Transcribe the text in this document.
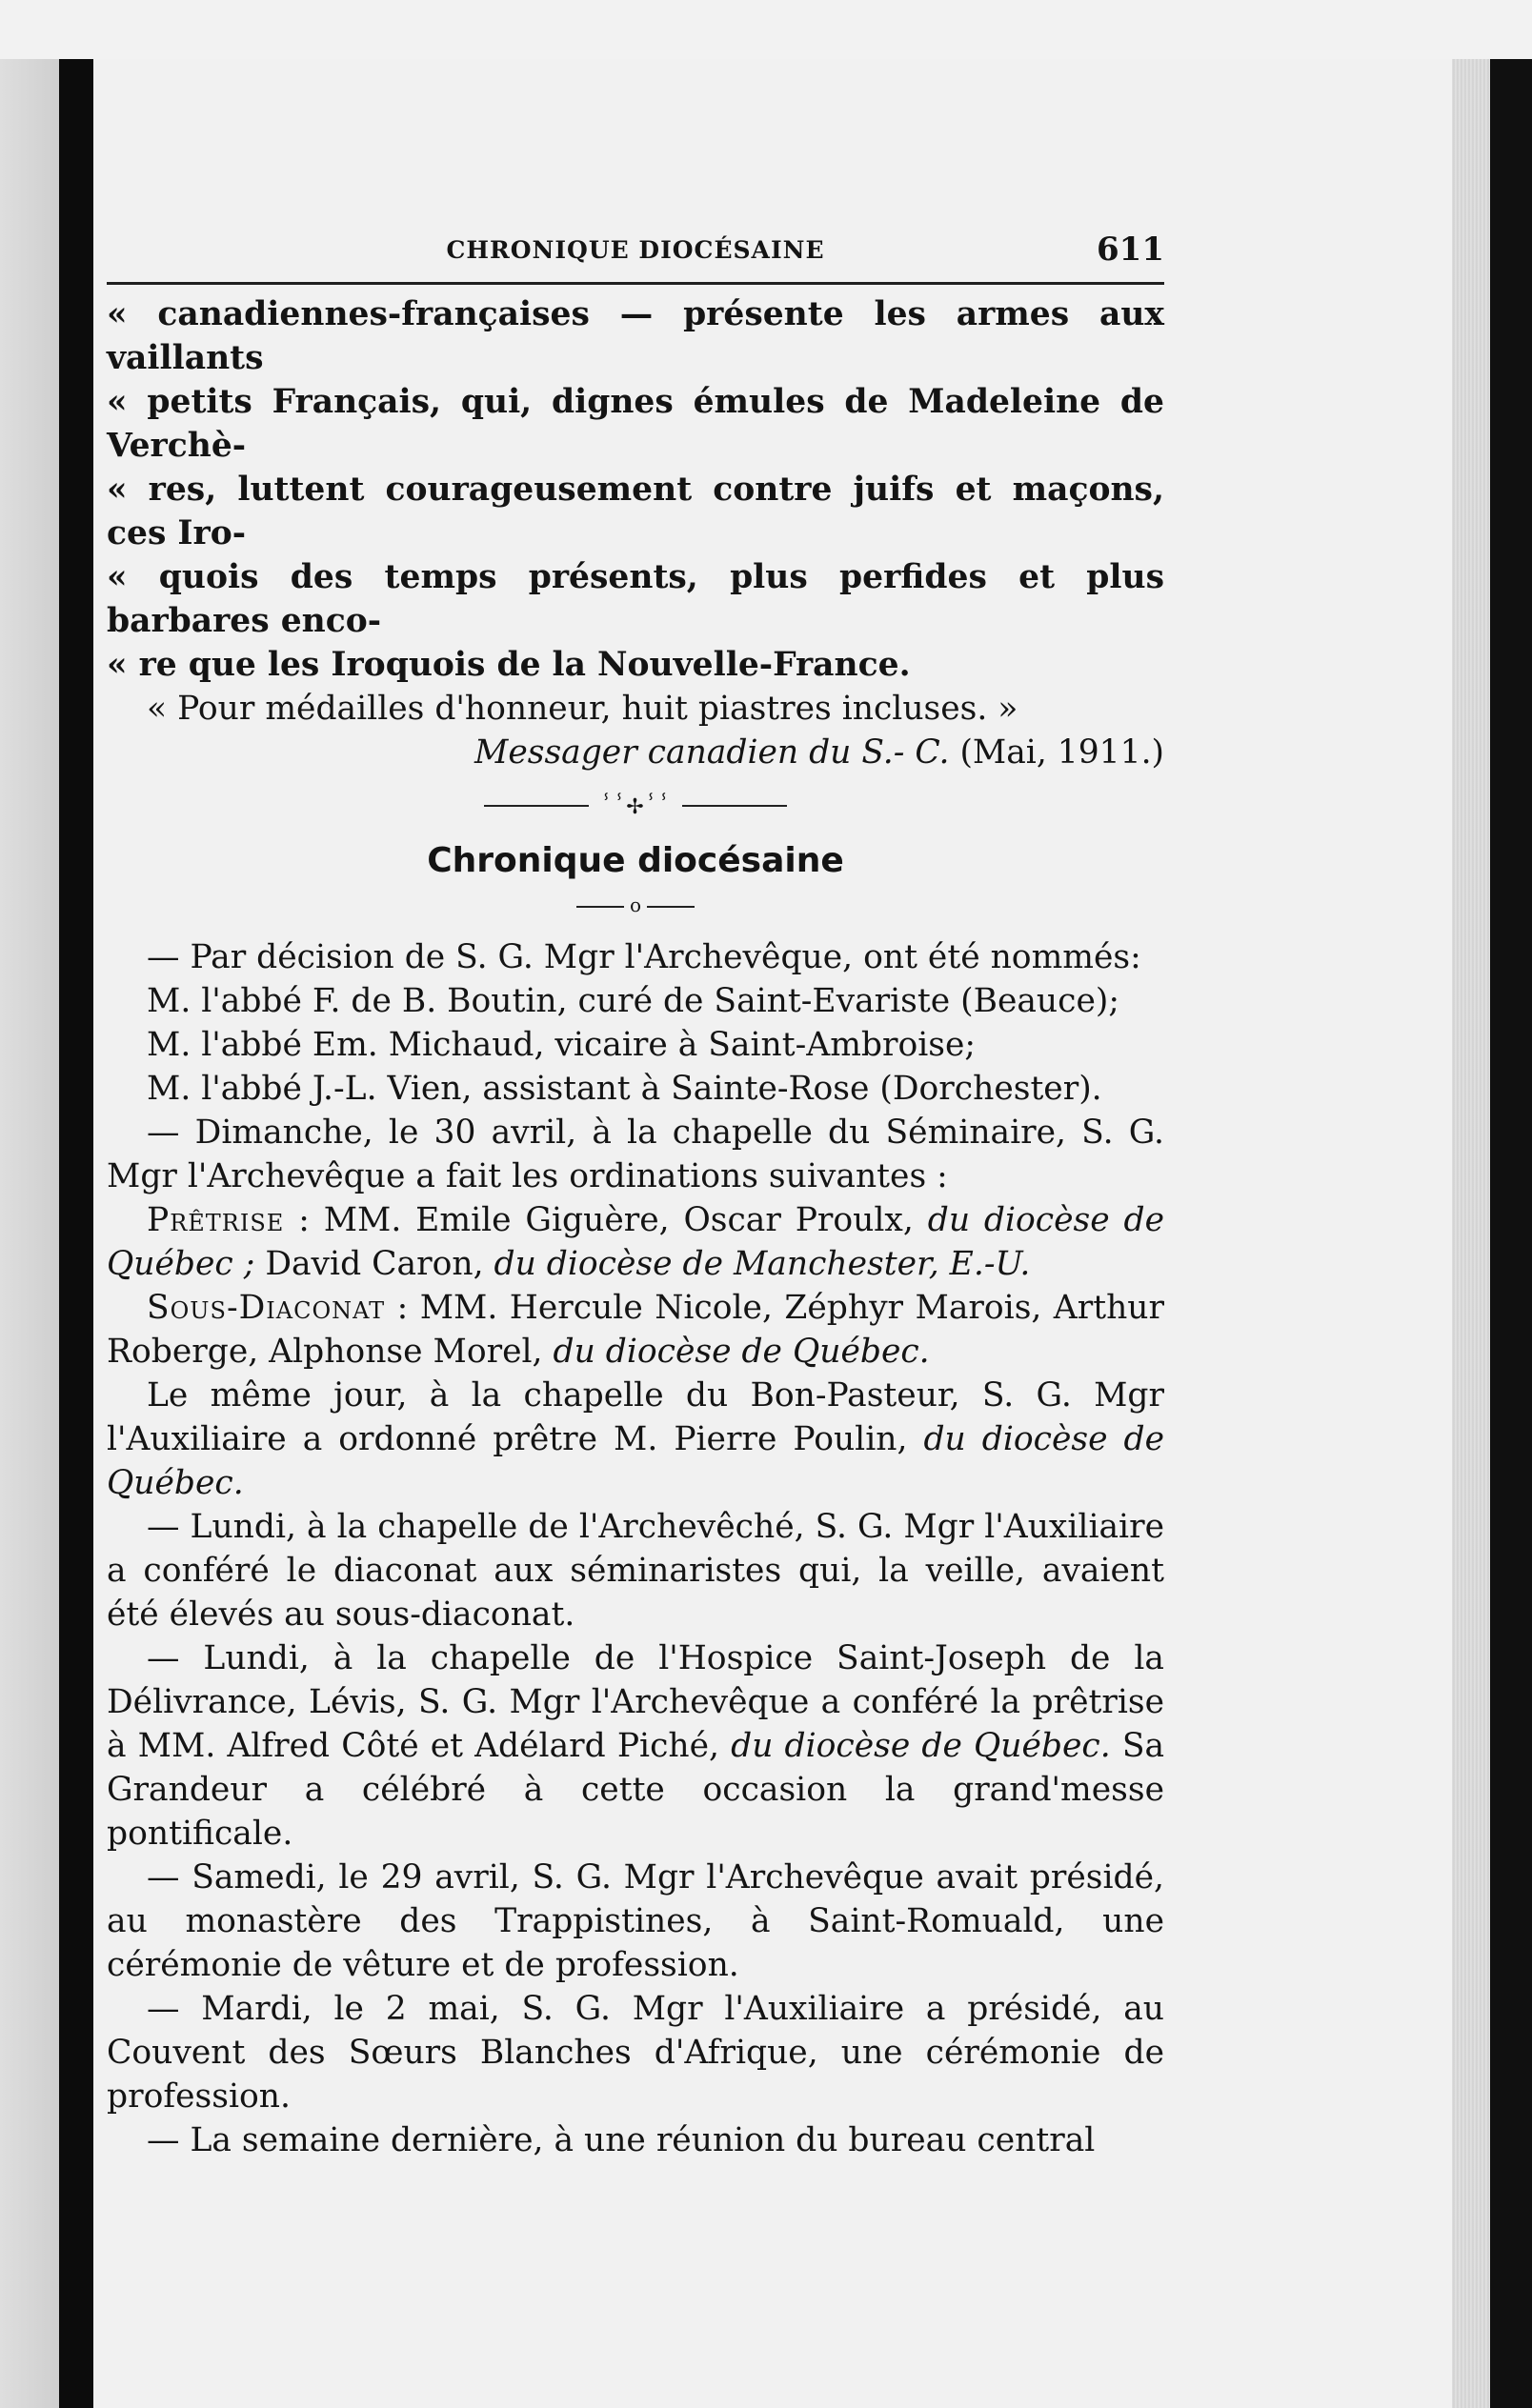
CHRONIQUE DIOCÉSAINE	611

« canadiennes-françaises — présente les armes aux vaillants

« petits Français, qui, dignes émules de Madeleine de Verchè-

« res, luttent courageusement contre juifs et maçons, ces Iro-

« quois des temps présents, plus perfides et plus barbares enco-

« re que les Iroquois de la Nouvelle-France.

« Pour médailles d'honneur, huit piastres incluses. »

Messager canadien du S.- C. (Mai, 1911.)
ⸯⸯ✢ⸯⸯ
Chronique diocésaine
o

— Par décision de S. G. Mgr l'Archevêque, ont été nommés:

M. l'abbé F. de B. Boutin, curé de Saint-Evariste (Beauce);

M. l'abbé Em. Michaud, vicaire à Saint-Ambroise;

M. l'abbé J.-L. Vien, assistant à Sainte-Rose (Dorchester).

— Dimanche, le 30 avril, à la chapelle du Séminaire, S. G. Mgr l'Archevêque a fait les ordinations suivantes :

Prêtrise : MM. Emile Giguère, Oscar Proulx, du diocèse de Québec ; David Caron, du diocèse de Manchester, E.-U.

Sous-Diaconat : MM. Hercule Nicole, Zéphyr Marois, Arthur Roberge, Alphonse Morel, du diocèse de Québec.

Le même jour, à la chapelle du Bon-Pasteur, S. G. Mgr l'Auxiliaire a ordonné prêtre M. Pierre Poulin, du diocèse de Québec.

— Lundi, à la chapelle de l'Archevêché, S. G. Mgr l'Auxiliaire a conféré le diaconat aux séminaristes qui, la veille, avaient été élevés au sous-diaconat.

— Lundi, à la chapelle de l'Hospice Saint-Joseph de la Délivrance, Lévis, S. G. Mgr l'Archevêque a conféré la prêtrise à MM. Alfred Côté et Adélard Piché, du diocèse de Québec. Sa Grandeur a célébré à cette occasion la grand'messe pontificale.

— Samedi, le 29 avril, S. G. Mgr l'Archevêque avait présidé, au monastère des Trappistines, à Saint-Romuald, une cérémonie de vêture et de profession.

— Mardi, le 2 mai, S. G. Mgr l'Auxiliaire a présidé, au Couvent des Sœurs Blanches d'Afrique, une cérémonie de profession.

— La semaine dernière, à une réunion du bureau central
